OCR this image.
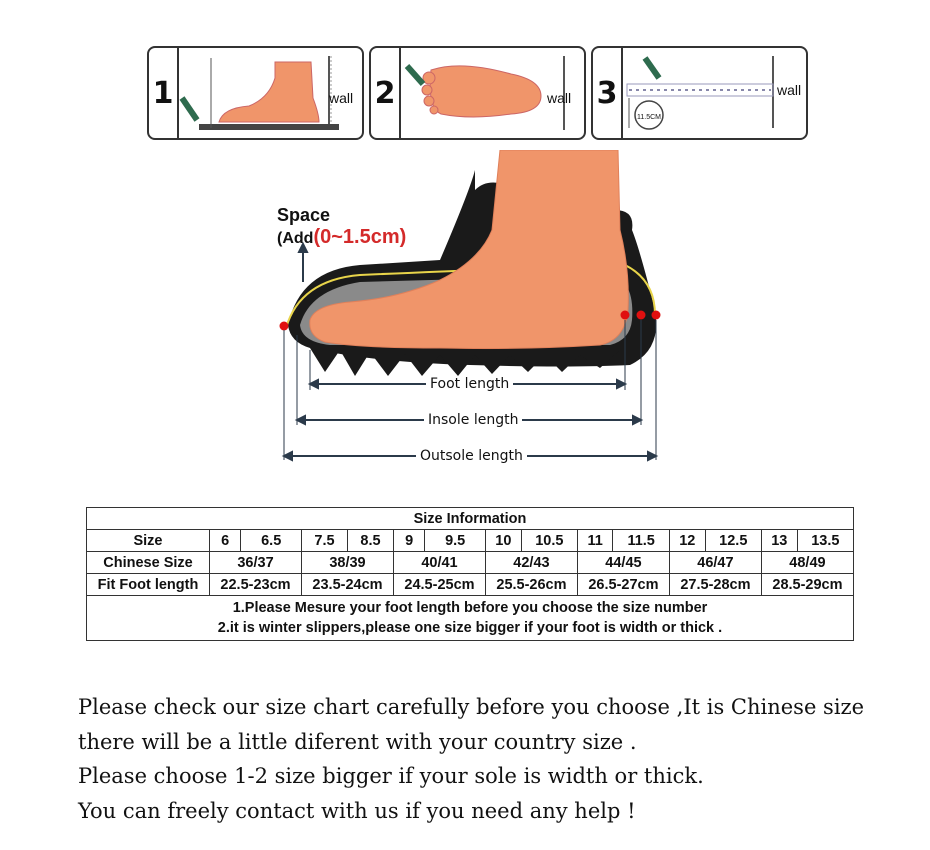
1	wall 2	wall 3
11.5CM
wall
Space
(Add(0~1.5cm)
Foot length
Insole length
Outsole length
Size Information														
Size	6	6.5	7.5	8.5	9	9.5	10	10.5	11	11.5	12	12.5	13	13.5
Chinese Size	36/37		38/39		40/41		42/43		44/45		46/47		48/49	
Fit Foot length	22.5-23cm		23.5-24cm		24.5-25cm		25.5-26cm		26.5-27cm		27.5-28cm		28.5-29cm	

1.Please Mesure your foot length before you choose the size number
2.it is winter slippers,please one size bigger if your foot is width or thick .														
Please check our size chart carefully before you choose ,It is Chinese size
there will be a little diferent with your country size .
Please choose 1-2 size bigger if your sole is width or thick.
You can freely contact with us if you need any help !
